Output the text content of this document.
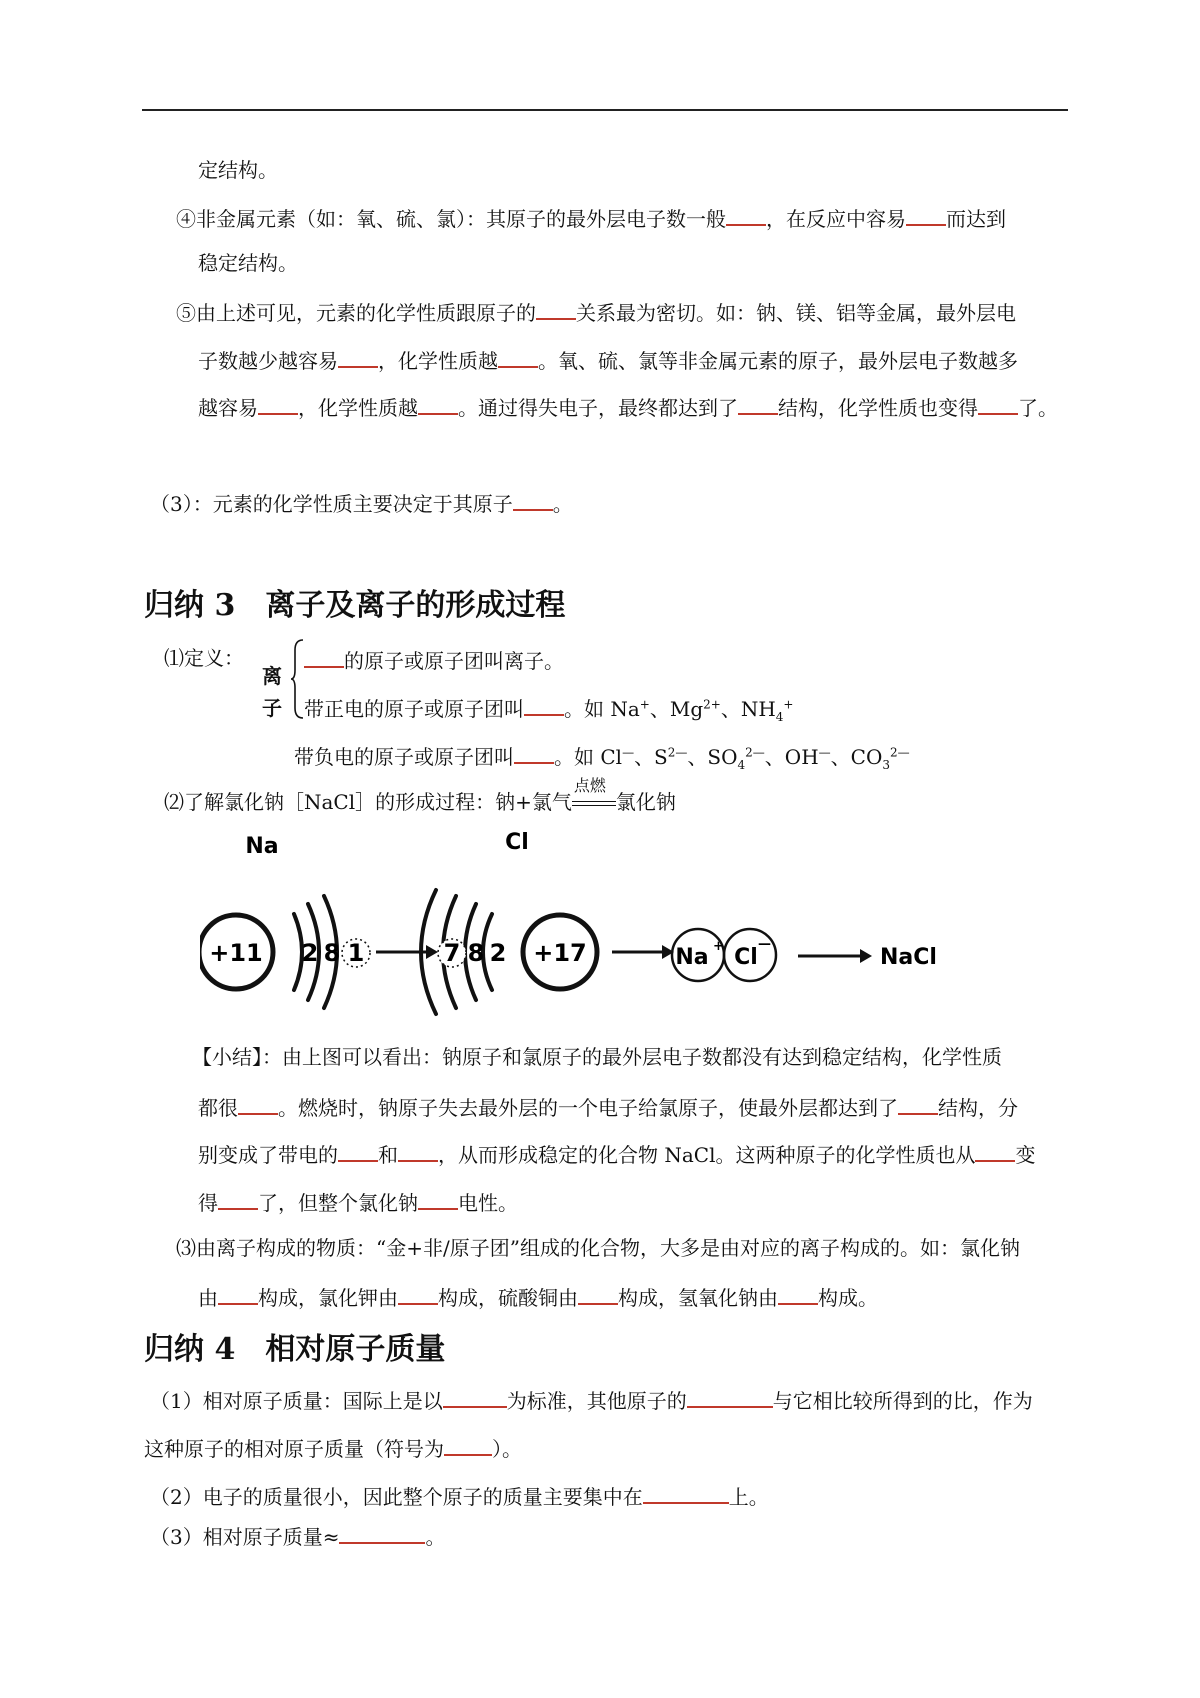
定结构。
④非金属元素（如：氧、硫、氯）：其原子的最外层电子数一般 ，在反应中容易 而达到
稳定结构。
⑤由上述可见，元素的化学性质跟原子的 关系最为密切。如：钠、镁、铝等金属，最外层电
子数越少越容易 ，化学性质越 。氧、硫、氯等非金属元素的原子，最外层电子数越多
越容易 ，化学性质越 。通过得失电子，最终都达到了 结构，化学性质也变得 了。
（3）：元素的化学性质主要决定于其原子 。
归纳 3　离子及离子的形成过程
⑴定义：
离
子
的原子或原子团叫离子。
带正电的原子或原子团叫 。如 Na+、$Mg^{2+}$、$NH_4^+$
带负电的原子或原子团叫 。如 Cl—、$S^{2—}$、$SO_4^{2—}$、OH—、$CO_3^{2—}$
⑵了解氯化钠［NaCl］的形成过程：钠+氯气
点燃
氯化钠
Na	Cl
+11 2 8 1	7 8 2 +17	Na + Cl
—
NaCl
【小结】：由上图可以看出：钠原子和氯原子的最外层电子数都没有达到稳定结构，化学性质
都很 。燃烧时，钠原子失去最外层的一个电子给氯原子，使最外层都达到了 结构，分
别变成了带电的 和 ，从而形成稳定的化合物 NaCl。这两种原子的化学性质也从 变
得 了，但整个氯化钠 电性。
⑶由离子构成的物质：“金+非/原子团”组成的化合物，大多是由对应的离子构成的。如：氯化钠
由 构成，氯化钾由 构成，硫酸铜由 构成，氢氧化钠由 构成。
归纳 4　相对原子质量
（1）相对原子质量：国际上是以	为标准，其他原子的	与它相比较所得到的比，作为
这种原子的相对原子质量（符号为 ）。
（2）电子的质量很小，因此整个原子的质量主要集中在	上。
（3）相对原子质量≈	。
